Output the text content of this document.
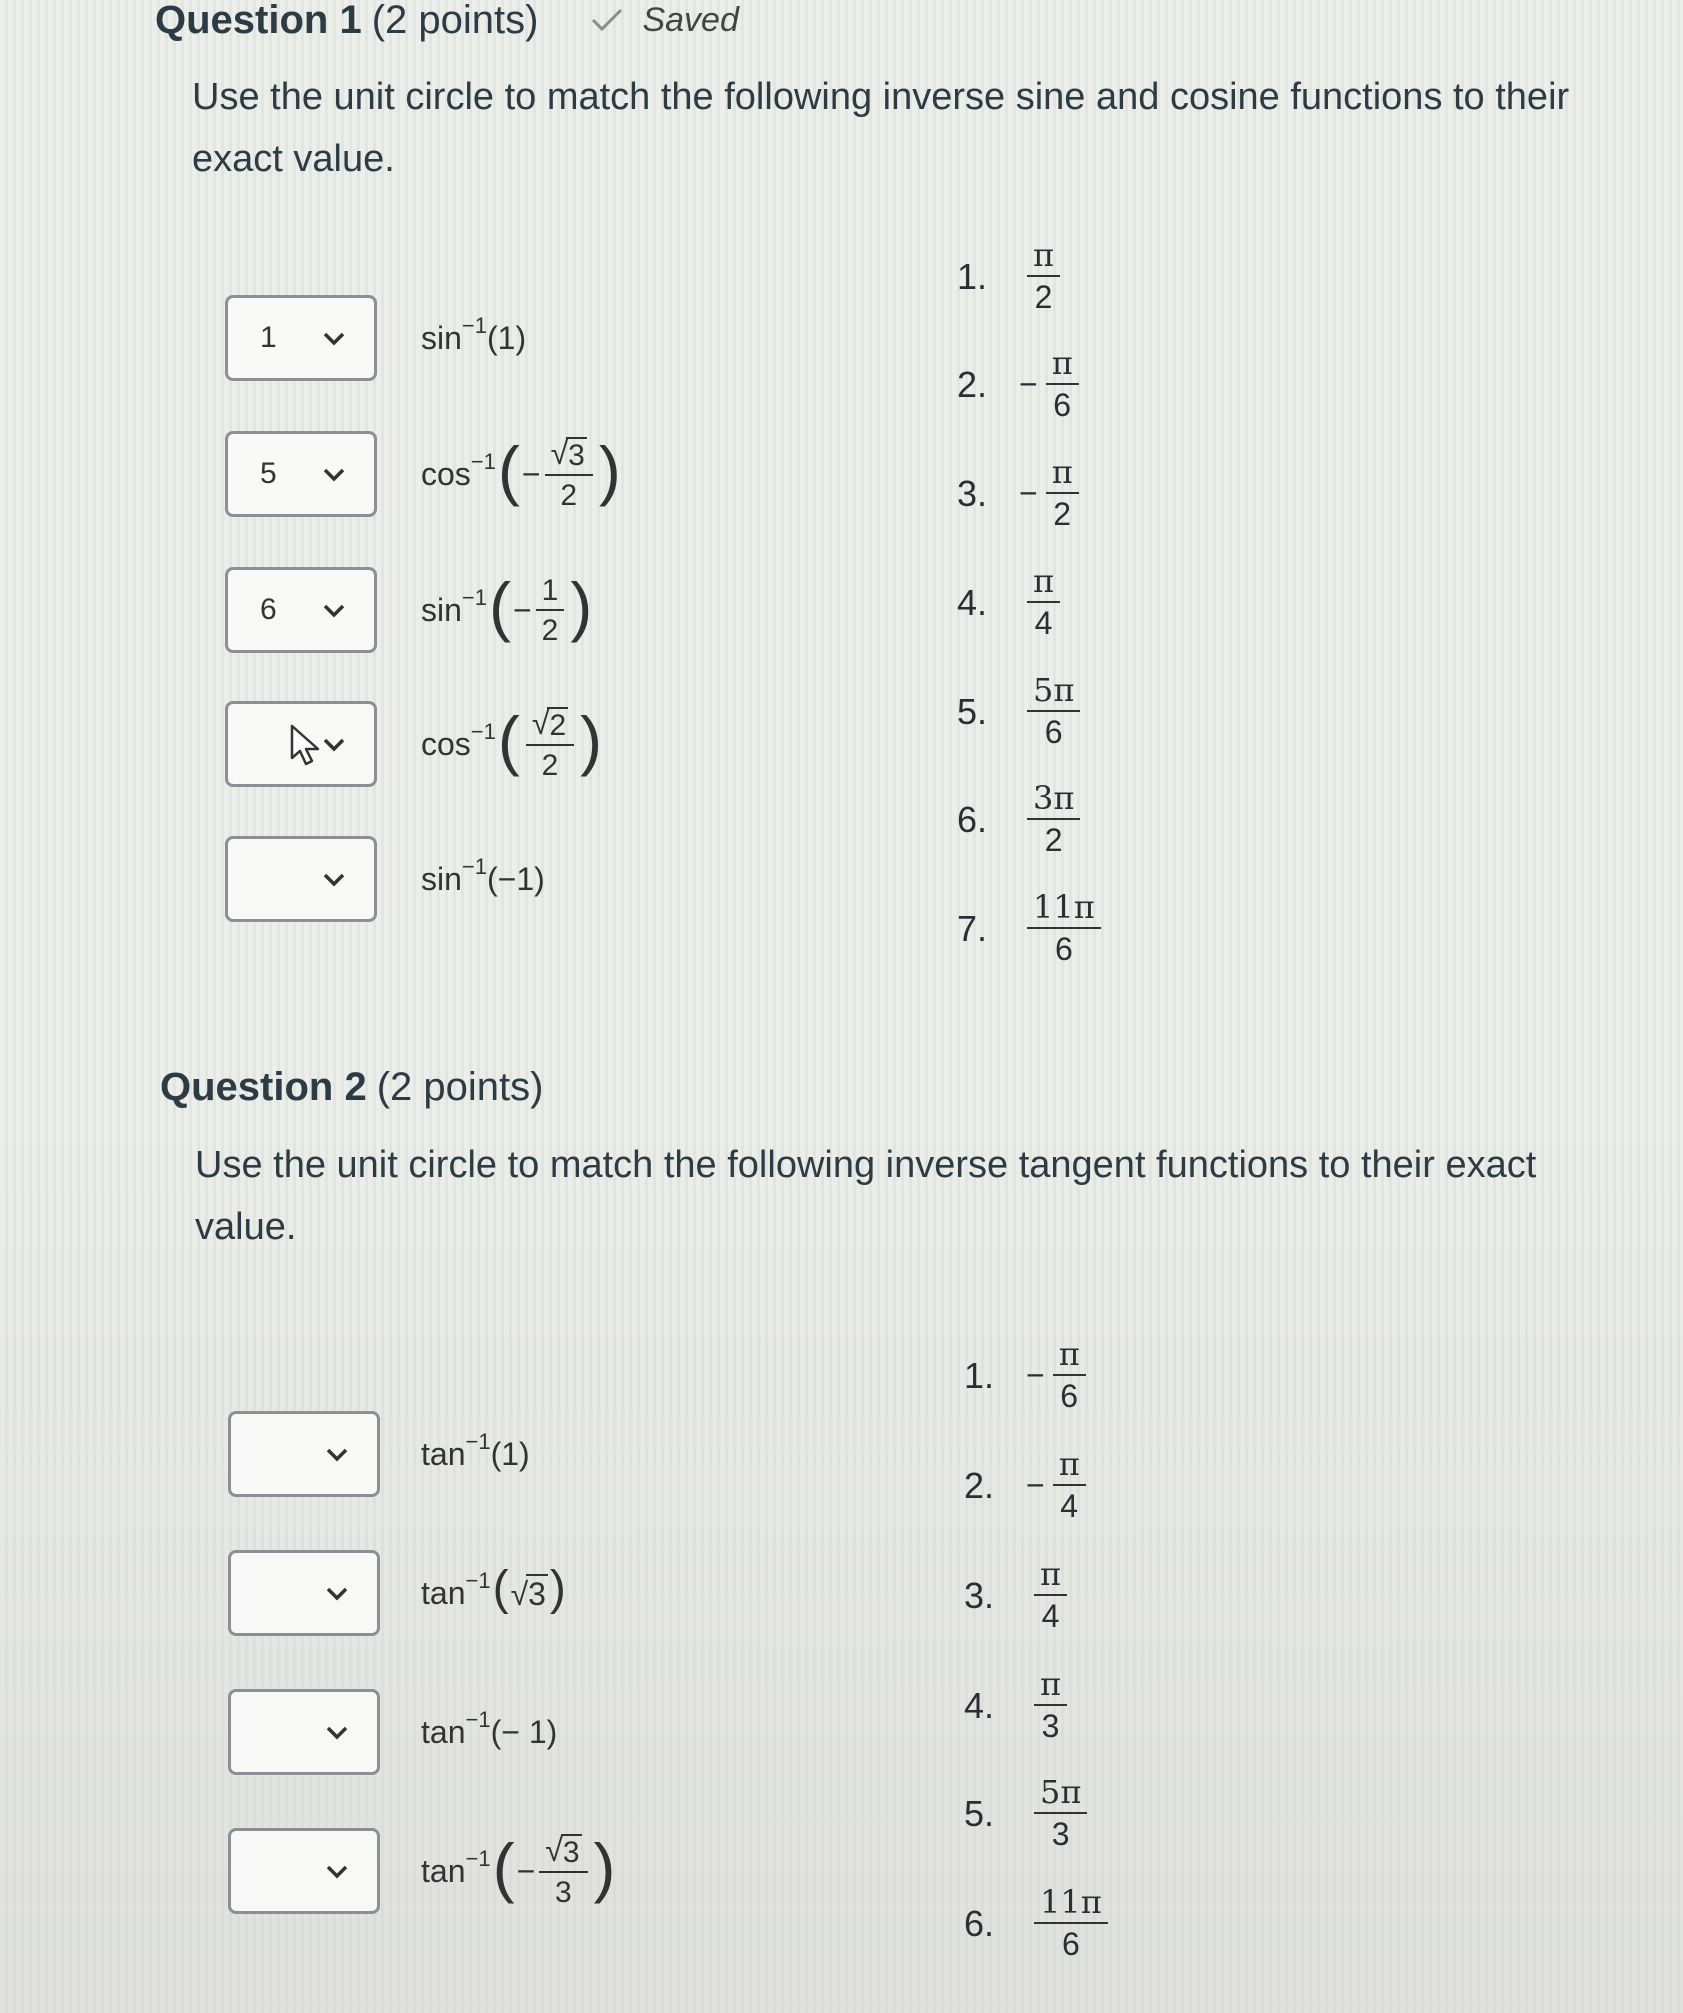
Question 1 (2 points)	Saved
Use the unit circle to match the following inverse sine and cosine functions to their exact value.
1	$\sin^{-1} (1)$
5	$\cos^{-1}$ ( − $\frac{√ 3}{2}$ )
6	$\sin^{-1}$ ( − $\frac{1}{2}$ )
$\cos^{-1}$ ( $\frac{√ 2}{2}$ )
$\sin^{-1} (-1)$
1.	$\frac{\pi}{2}$
2. − $\frac{\pi}{6}$
3. − $\frac{\pi}{2}$
4.	$\frac{\pi}{4}$
5.	$\frac{5\pi}{6}$
6.	$\frac{3\pi}{2}$
7.	$\frac{11\pi}{6}$
Question 2 (2 points)
Use the unit circle to match the following inverse tangent functions to their exact value.
$\tan^{-1} (1)$
$\tan^{-1}$ ( √ 3 )
$\tan^{-1}$ (− 1)
$\tan^{-1}$ ( − $\frac{√ 3}{3}$ )
1. − $\frac{\pi}{6}$
2. − $\frac{\pi}{4}$
3.	$\frac{\pi}{4}$
4.	$\frac{\pi}{3}$
5.	$\frac{5\pi}{3}$
6.	$\frac{11\pi}{6}$
